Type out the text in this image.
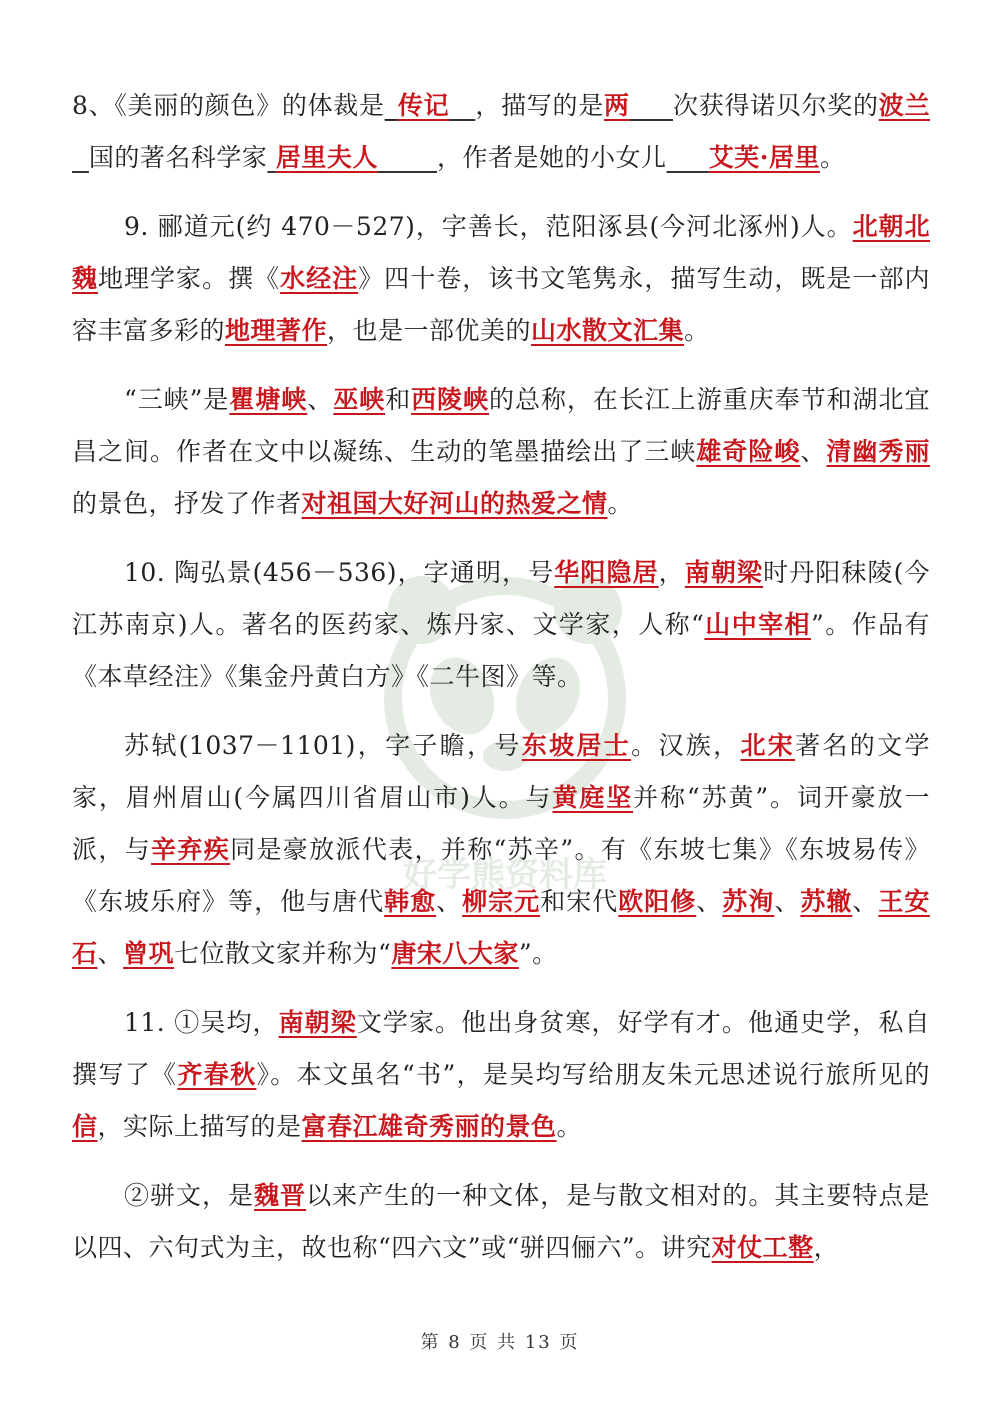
好学熊资料库

8、《美丽的颜色》的体裁是_传记 ，描写的是两 次获得诺贝尔奖的波兰  国的著名科学家 居里夫人 ，作者是她的小女儿 艾芙·居里。

9. 郦道元(约 470－527)，字善长，范阳涿县(今河北涿州)人。北朝北魏地理学家。撰《水经注》四十卷，该书文笔隽永，描写生动，既是一部内容丰富多彩的地理著作，也是一部优美的山水散文汇集。

“三峡”是瞿塘峡、巫峡和西陵峡的总称，在长江上游重庆奉节和湖北宜昌之间。作者在文中以凝练、生动的笔墨描绘出了三峡雄奇险峻、清幽秀丽的景色，抒发了作者对祖国大好河山的热爱之情。

10. 陶弘景(456－536)，字通明，号华阳隐居，南朝梁时丹阳秣陵(今江苏南京)人。著名的医药家、炼丹家、文学家，人称“山中宰相”。作品有《本草经注》《集金丹黄白方》《二牛图》等。

苏轼(1037－1101)，字子瞻，号东坡居士。汉族，北宋著名的文学家，眉州眉山(今属四川省眉山市)人。与黄庭坚并称“苏黄”。词开豪放一派，与辛弃疾同是豪放派代表，并称“苏辛”。有《东坡七集》《东坡易传》《东坡乐府》等，他与唐代韩愈、柳宗元和宋代欧阳修、苏洵、苏辙、王安石、曾巩七位散文家并称为“唐宋八大家”。

11. ①吴均，南朝梁文学家。他出身贫寒，好学有才。他通史学，私自撰写了《齐春秋》。本文虽名“书”，是吴均写给朋友朱元思述说行旅所见的信，实际上描写的是富春江雄奇秀丽的景色。

②骈文，是魏晋以来产生的一种文体，是与散文相对的。其主要特点是以四、六句式为主，故也称“四六文”或“骈四俪六”。讲究对仗工整，

第 8 页 共 13 页
